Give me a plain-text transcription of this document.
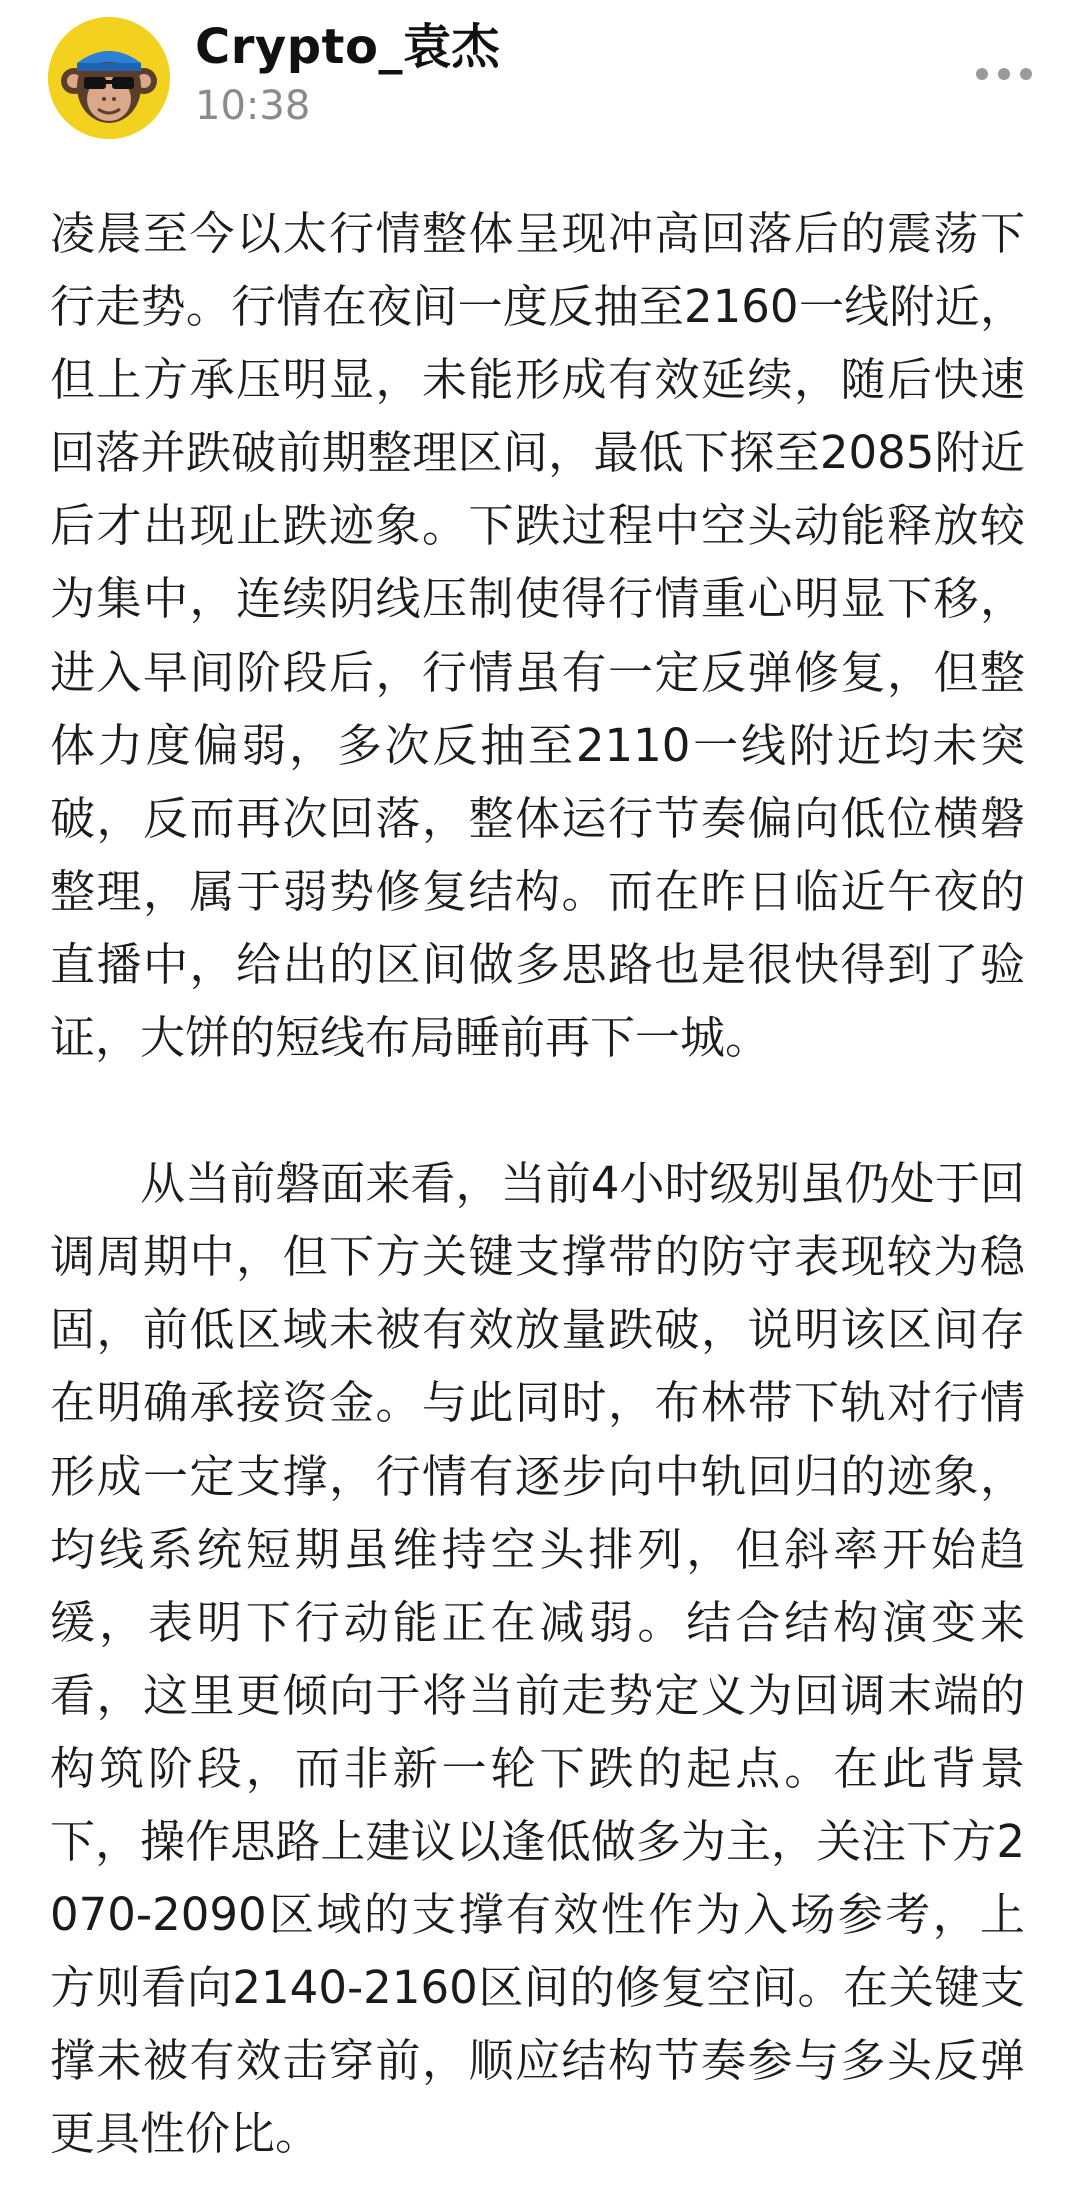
Crypto_袁杰
10:38

凌晨至今以太行情整体呈现冲高回落后的震荡下行走势。行情在夜间一度反抽至2160一线附近，但上方承压明显，未能形成有效延续，随后快速回落并跌破前期整理区间，最低下探至2085附近后才出现止跌迹象。下跌过程中空头动能释放较为集中，连续阴线压制使得行情重心明显下移，进入早间阶段后，行情虽有一定反弹修复，但整体力度偏弱，多次反抽至2110一线附近均未突破，反而再次回落，整体运行节奏偏向低位横磐整理，属于弱势修复结构。而在昨日临近午夜的直播中，给出的区间做多思路也是很快得到了验证，大饼的短线布局睡前再下一城。

从当前磐面来看，当前4小时级别虽仍处于回调周期中，但下方关键支撑带的防守表现较为稳固，前低区域未被有效放量跌破，说明该区间存在明确承接资金。与此同时，布林带下轨对行情形成一定支撑，行情有逐步向中轨回归的迹象，均线系统短期虽维持空头排列，但斜率开始趋缓，表明下行动能正在减弱。结合结构演变来看，这里更倾向于将当前走势定义为回调末端的构筑阶段，而非新一轮下跌的起点。在此背景下，操作思路上建议以逢低做多为主，关注下方2070-2090区域的支撑有效性作为入场参考，上方则看向2140-2160区间的修复空间。在关键支撑未被有效击穿前，顺应结构节奏参与多头反弹更具性价比。
